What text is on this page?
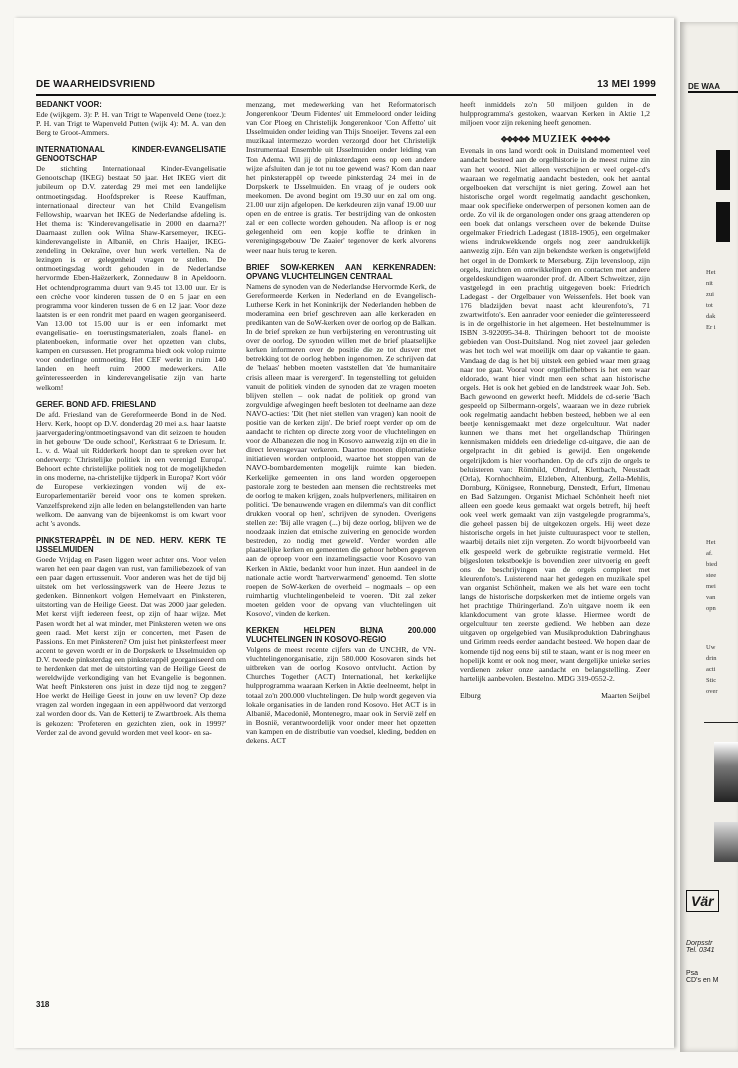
DE WAARHEIDSVRIEND	13 MEI 1999
BEDANKT VOOR:

Ede (wijkgem. 3): P. H. van Trigt te Wapenveld Oene (toez.): P. H. van Trigt te Wapenveld Putten (wijk 4): M. A. van den Berg te Groot-Ammers.

INTERNATIONAAL KINDER-EVANGELISATIE GENOOTSCHAP

De stichting Internationaal Kinder-Evangelisatie Genootschap (IKEG) bestaat 50 jaar. Het IKEG viert dit jubileum op D.V. zaterdag 29 mei met een landelijke ontmoetingsdag. Hoofdspreker is Reese Kauffman, internationaal directeur van het Child Evangelism Fellowship, waarvan het IKEG de Nederlandse afdeling is. Het thema is: 'Kinderevangelisatie in 2000 en daarna?!' Daarnaast zullen ook Wilna Shaw-Karsemeyer, IKEG-kinderevangeliste in Albanië, en Chris Haaijer, IKEG-zendeling in Oekraïne, over hun werk vertellen. Na de lezingen is er gelegenheid vragen te stellen. De ontmoetingsdag wordt gehouden in de Nederlandse hervormde Eben-Haëzerkerk, Zonnedauw 8 in Apeldoorn. Het ochtendprogramma duurt van 9.45 tot 13.00 uur. Er is een crèche voor kinderen tussen de 0 en 5 jaar en een programma voor kinderen tussen de 6 en 12 jaar. Voor deze laatsten is er een rondrit met paard en wagen georganiseerd. Van 13.00 tot 15.00 uur is er een infomarkt met evangelisatie- en toerustingsmaterialen, zoals flanel- en platenboeken, informatie over het opzetten van clubs, kampen en cursussen. Het programma biedt ook volop ruimte voor onderlinge ontmoeting. Het CEF werkt in ruim 140 landen en heeft ruim 2000 medewerkers. Alle geïnteresseerden in kinderevangelisatie zijn van harte welkom!

GEREF. BOND AFD. FRIESLAND

De afd. Friesland van de Gereformeerde Bond in de Ned. Herv. Kerk, hoopt op D.V. donderdag 20 mei a.s. haar laatste jaarvergadering/ontmoetingsavond van dit seizoen te houden in het gebouw 'De oude school', Kerkstraat 6 te Driesum. Ir. L. v. d. Waal uit Ridderkerk hoopt dan te spreken over het onderwerp: 'Christelijke politiek in een verenigd Europa'. Behoort echte christelijke politiek nog tot de mogelijkheden in ons moderne, na-christelijke tijdperk in Europa? Kort vóór de Europese verkiezingen vonden wij de ex-Europarlementariër bereid voor ons te komen spreken. Vanzelfsprekend zijn alle leden en belangstellenden van harte welkom. De aanvang van de bijeenkomst is om kwart voor acht 's avonds.

PINKSTERAPPÈL IN DE NED. HERV. KERK TE IJSSELMUIDEN

Goede Vrijdag en Pasen liggen weer achter ons. Voor velen waren het een paar dagen van rust, van familiebezoek of van een paar dagen ertussenuit. Voor anderen was het de tijd bij uitstek om het verlossingswerk van de Heere Jezus te gedenken. Binnenkort volgen Hemelvaart en Pinksteren, uitstorting van de Heilige Geest. Dat was 2000 jaar geleden. Met kerst vijft iedereen feest, op zijn of haar wijze. Met Pasen wordt het al wat minder, met Pinksteren weten we ons geen raad. Met kerst zijn er concerten, met Pasen de Passions. En met Pinksteren? Om juist het pinksterfeest meer accent te geven wordt er in de Dorpskerk te IJsselmuiden op D.V. tweede pinksterdag een pinksterappèl georganiseerd om te herdenken dat met de uitstorting van de Heilige Geest de wereldwijde verkondiging van het Evangelie is begonnen. Wat heeft Pinksteren ons juist in deze tijd nog te zeggen? Hoe werkt de Heilige Geest in jouw en uw leven? Op deze vragen zal worden ingegaan in een appèlwoord dat verzorgd zal worden door ds. Van de Ketterij te Zwartbroek. Als thema is gekozen: 'Profeteren en gezichten zien, ook in 1999?' Verder zal de avond gevuld worden met veel koor- en sa-

menzang, met medewerking van het Reformatorisch Jongerenkoor 'Deum Fidentes' uit Emmeloord onder leiding van Cor Ploeg en Christelijk Jongerenkoor 'Con Affetto' uit IJsselmuiden onder leiding van Thijs Snoeijer. Tevens zal een muzikaal intermezzo worden verzorgd door het Christelijk Instrumentaal Ensemble uit IJsselmuiden onder leiding van Ton Adema. Wil jij de pinksterdagen eens op een andere wijze afsluiten dan je tot nu toe gewend was? Kom dan naar het pinksterappèl op tweede pinksterdag 24 mei in de Dorpskerk te IJsselmuiden. En vraag of je ouders ook meekomen. De avond begint om 19.30 uur en zal om ong. 21.00 uur zijn afgelopen. De kerkdeuren zijn vanaf 19.00 uur open en de entree is gratis. Ter bestrijding van de onkosten zal er een collecte worden gehouden. Na afloop is er nog gelegenheid om een kopje koffie te drinken in verenigingsgebouw 'De Zaaier' tegenover de kerk alvorens weer naar huis terug te keren.

BRIEF SOW-KERKEN AAN KERKENRADEN: OPVANG VLUCHTELINGEN CENTRAAL

Namens de synoden van de Nederlandse Hervormde Kerk, de Gereformeerde Kerken in Nederland en de Evangelisch-Lutherse Kerk in het Koninkrijk der Nederlanden hebben de moderamina een brief geschreven aan alle kerkeraden en predikanten van de SoW-kerken over de oorlog op de Balkan. In de brief spreken ze hun verbijstering en verontrusting uit over de oorlog. De synoden willen met de brief plaatselijke kerken informeren over de positie die ze tot dusver met betrekking tot de oorlog hebben ingenomen. Ze schrijven dat de 'helaas' hebben moeten vaststellen dat 'de humanitaire crisis alleen maar is verergerd'. In tegenstelling tot geluiden vanuit de politiek vinden de synoden dat ze vragen moeten blijven stellen – ook nadat de politiek op grond van zorgvuldige afwegingen heeft besloten tot deelname aan deze NAVO-acties: 'Dit (het niet stellen van vragen) kan nooit de positie van de kerken zijn'. De brief roept verder op om de aandacht te richten op directe zorg voor de vluchtelingen en voor de Albanezen die nog in Kosovo aanwezig zijn en die in direct levensgevaar verkeren. Daartoe moeten diplomatieke initiatieven worden ontplooid, waartoe het stoppen van de NAVO-bombardementen mogelijk ruimte kan bieden. Kerkelijke gemeenten in ons land worden opgeroepen pastorale zorg te besteden aan mensen die rechtstreeks met de oorlog te maken krijgen, zoals hulpverleners, militairen en politici. 'De benauwende vragen en dilemma's van dit conflict drukken vooral op hen', schrijven de synoden. Overigens stellen ze: 'Bij alle vragen (...) bij deze oorlog, blijven we de noodzaak inzien dat etnische zuivering en genocide worden bestreden, zo nodig met geweld'. Verder worden alle plaatselijke kerken en gemeenten die gehoor hebben gegeven aan de oproep voor een inzamelingsactie voor Kosovo van Kerken in Aktie, bedankt voor hun inzet. Hun aandeel in de nationale actie wordt 'hartverwarmend' genoemd. Ten slotte roepen de SoW-kerken de overheid – nogmaals – op een ruimhartig vluchtelingenbeleid te voeren. 'Dit zal zeker moeten gelden voor de opvang van vluchtelingen uit Kosovo', vinden de kerken.

KERKEN HELPEN BIJNA 200.000 VLUCHTELINGEN IN KOSOVO-REGIO

Volgens de meest recente cijfers van de UNCHR, de VN-vluchtelingenorganisatie, zijn 580.000 Kosovaren sinds het uitbreken van de oorlog Kosovo ontvlucht. Action by Churches Together (ACT) International, het kerkelijke hulpprogramma waaraan Kerken in Aktie deelneemt, helpt in totaal zo'n 200.000 vluchtelingen. De hulp wordt gegeven via lokale organisaties in de landen rond Kosovo. Het ACT is in Albanië, Macedonië, Montenegro, maar ook in Servië zelf en in Bosnië, verantwoordelijk voor onder meer het opzetten van kampen en de distributie van voedsel, kleding, bedden en dekens. ACT

heeft inmiddels zo'n 50 miljoen gulden in de hulpprogramma's gestoken, waarvan Kerken in Aktie 1,2 miljoen voor zijn rekening heeft genomen.

✥✥✥✥✥ MUZIEK ✥✥✥✥✥

Evenals in ons land wordt ook in Duitsland momenteel veel aandacht besteed aan de orgelhistorie in de meest ruime zin van het woord. Niet alleen verschijnen er veel orgel-cd's waaraan we regelmatig aandacht besteden, ook het aantal orgelboeken dat verschijnt is niet gering. Zowel aan het historische orgel wordt regelmatig aandacht geschonken, maar ook specifieke onderwerpen of personen komen aan de orde. Zo vil ik de organologen onder ons graag attenderen op een boek dat onlangs verscheen over de bekende Duitse orgelmaker Friedrich Ladegast (1818-1905), een orgelmaker wiens indrukwekkende orgels nog zeer aandrukkelijk aanwezig zijn. Eén van zijn bekendste werken is ongetwijfeld het orgel in de Domkerk te Merseburg. Zijn levensloop, zijn orgels, inzichten en ontwikkelingen en contacten met andere orgeldeskundigen waaronder prof. dr. Albert Schweitzer, zijn vastgelegd in een prachtig uitgegeven boek: Friedrich Ladegast - der Orgelbauer von Weissenfels. Het boek van 176 bladzijden bevat naast acht kleurenfoto's, 71 zwartwitfoto's. Een aanrader voor eenieder die geïnteresseerd is in de orgelhistorie in het algemeen. Het bestelnummer is ISBN 3-922095-34-8. Thüringen behoort tot de mooiste gebieden van Oost-Duitsland. Nog niet zoveel jaar geleden was het toch wel wat moeilijk om daar op vakantie te gaan. Vandaag de dag is het bij uitstek een gebied waar men graag naar toe gaat. Vooral voor orgelliefhebbers is het een waar eldorado, want hier vindt men een schat aan historische orgels. Het is ook het gebied en de landstreek waar Joh. Seb. Bach gewoond en gewerkt heeft. Middels de cd-serie 'Bach gespeeld op Silbermann-orgels', waaraan we in deze rubriek ook regelmatig aandacht hebben besteed, hebben we al een beetje kennisgemaakt met deze orgelcultuur. Wat nader kunnen we thans met het orgellandschap Thüringen kennismaken middels een driedelige cd-uitgave, die aan de orgelpracht in dit gebied is gewijd. Een ongekende orgelrijkdom is hier voorhanden. Op de cd's zijn de orgels te beluisteren van: Römhild, Ohrdruf, Klettbach, Neustadt (Orla), Kornhochheim, Elzleben, Altenburg, Zella-Mehlis, Dornburg, Königsee, Ronneburg, Denstedt, Erfurt, Ilmenau en Bad Salzungen. Organist Michael Schönheit heeft niet alleen een goede keus gemaakt wat orgels betreft, hij heeft ook veel werk gemaakt van zijn vastgelegde programma's, die geheel passen bij de uitgekozen orgels. Hij weet deze historische orgels in het juiste cultuuraspect voor te stellen, waarbij details niet zijn vergeten. Zo wordt bijvoorbeeld van elk gespeeld werk de gebruikte registratie vermeld. Het bijgesloten tekstboekje is bovendien zeer uitvoerig en geeft ons de beschrijvingen van de orgels compleet met kleurenfoto's. Luisterend naar het gedegen en muzikale spel van organist Schönheit, maken we als het ware een tocht langs de historische dorpskerken met de intieme orgels van het prachtige Thüringerland. Zo'n uitgave noem ik een klankdocument van grote klasse. Hiermee wordt de orgelcultuur ten zeerste gediend. We hebben aan deze uitgaven op orgelgebied van Musikproduktion Dabringhaus und Grimm reeds eerder aandacht besteed. We hopen daar de komende tijd nog eens bij stil te staan, want er is nog meer en hopelijk komt er ook nog meer, want dergelijke unieke series verdienen zeker onze aandacht en belangstelling. Zeer hartelijk aanbevolen. Bestelno. MDG 319-0552-2.

Elburg	Maarten Seijbel
318
DE WAA
Het
nit
zui
tot
dak
Er i
Het
af.
bied
stee
mei
van
opn
Uw
drin
acti
Stic
over
Vär
Dorpsstr
Tel. 0341
Psa
CD's en M
